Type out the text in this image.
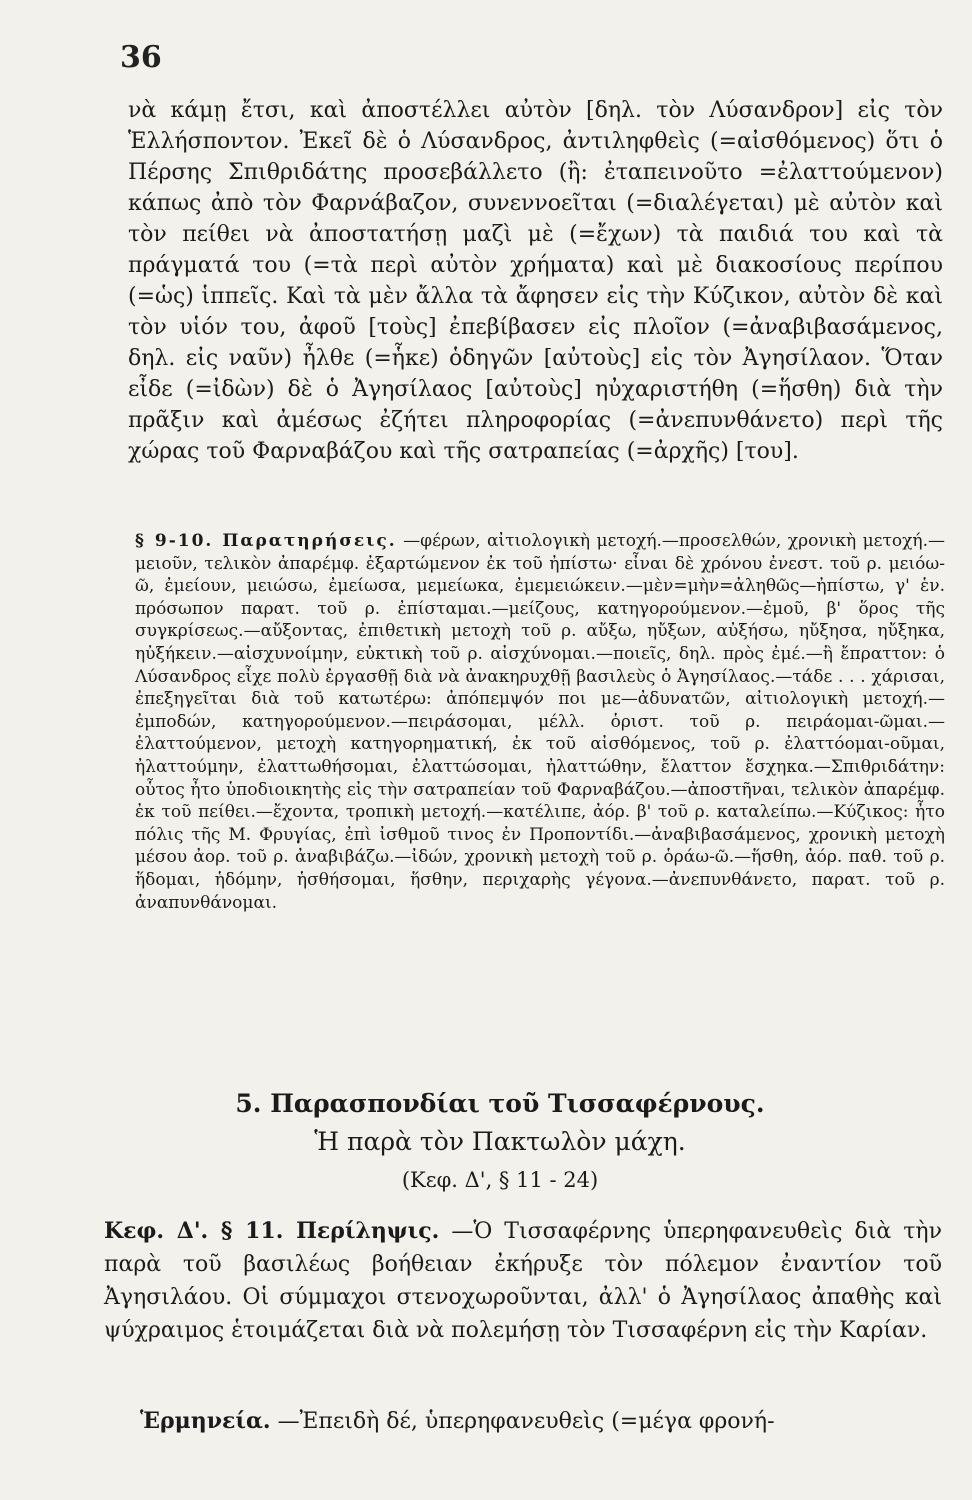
36

νὰ κάμῃ ἔτσι, καὶ ἀποστέλλει αὐτὸν [δηλ. τὸν Λύσανδρον] εἰς τὸν Ἑλλήσποντον. Ἐκεῖ δὲ ὁ Λύσανδρος, ἀντιληφθεὶς (=αἰσθόμενος) ὅτι ὁ Πέρσης Σπιθριδάτης προσεβάλλετο (ἢ: ἐταπεινοῦτο =ἐλαττούμενον) κάπως ἀπὸ τὸν Φαρνάβαζον, συνεννοεῖται (=διαλέγεται) μὲ αὐτὸν καὶ τὸν πείθει νὰ ἀποστατήσῃ μαζὶ μὲ (=ἔχων) τὰ παιδιά του καὶ τὰ πράγματά του (=τὰ περὶ αὐτὸν χρήματα) καὶ μὲ διακοσίους περίπου (=ὡς) ἱππεῖς. Καὶ τὰ μὲν ἄλλα τὰ ἄφησεν εἰς τὴν Κύζικον, αὐτὸν δὲ καὶ τὸν υἱόν του, ἀφοῦ [τοὺς] ἐπεβίβασεν εἰς πλοῖον (=ἀναβιβασάμενος, δηλ. εἰς ναῦν) ἦλθε (=ἧκε) ὁδηγῶν [αὐτοὺς] εἰς τὸν Ἀγησίλαον. Ὅταν εἶδε (=ἰδὼν) δὲ ὁ Ἀγησίλαος [αὐτοὺς] ηὐχαριστήθη (=ἥσθη) διὰ τὴν πρᾶξιν καὶ ἀμέσως ἐζήτει πληροφορίας (=ἀνεπυνθάνετο) περὶ τῆς χώρας τοῦ Φαρναβάζου καὶ τῆς σατραπείας (=ἀρχῆς) [του].

§ 9-10. Παρατηρήσεις. —φέρων, αἰτιολογικὴ μετοχή.—προσελθών, χρονικὴ μετοχή.—μειοῦν, τελικὸν ἀπαρέμφ. ἐξαρτώμενον ἐκ τοῦ ἠπίστω· εἶναι δὲ χρόνου ἐνεστ. τοῦ ρ. μειόω-ῶ, ἐμείουν, μειώσω, ἐμείωσα, μεμείωκα, ἐμεμειώκειν.—μὲν=μὴν=ἀληθῶς—ἠπίστω, γ' ἑν. πρόσωπον παρατ. τοῦ ρ. ἐπίσταμαι.—μείζους, κατηγορούμενον.—ἐμοῦ, β' ὅρος τῆς συγκρίσεως.—αὔξοντας, ἐπιθετικὴ μετοχὴ τοῦ ρ. αὔξω, ηὔξων, αὐξήσω, ηὔξησα, ηὔξηκα, ηὐξήκειν.—αἰσχυνοίμην, εὐκτικὴ τοῦ ρ. αἰσχύνομαι.—ποιεῖς, δηλ. πρὸς ἐμέ.—ἢ ἔπραττον: ὁ Λύσανδρος εἶχε πολὺ ἐργασθῇ διὰ νὰ ἀνακηρυχθῇ βασιλεὺς ὁ Ἀγησίλαος.—τάδε . . . χάρισαι, ἐπεξηγεῖται διὰ τοῦ κατωτέρω: ἀπόπεμψόν ποι με—ἀδυνατῶν, αἰτιολογικὴ μετοχή.—ἐμποδών, κατηγορούμενον.—πειράσομαι, μέλλ. ὁριστ. τοῦ ρ. πειράομαι-ῶμαι.—ἐλαττούμενον, μετοχὴ κατηγορηματική, ἐκ τοῦ αἰσθόμενος, τοῦ ρ. ἐλαττόομαι-οῦμαι, ἠλαττούμην, ἐλαττωθήσομαι, ἐλαττώσομαι, ἠλαττώθην, ἔλαττον ἔσχηκα.—Σπιθριδάτην: οὗτος ἦτο ὑποδιοικητὴς εἰς τὴν σατραπείαν τοῦ Φαρναβάζου.—ἀποστῆναι, τελικὸν ἀπαρέμφ. ἐκ τοῦ πείθει.—ἔχοντα, τροπικὴ μετοχή.—κατέλιπε, ἀόρ. β' τοῦ ρ. καταλείπω.—Κύζικος: ἦτο πόλις τῆς Μ. Φρυγίας, ἐπὶ ἰσθμοῦ τινος ἐν Προποντίδι.—ἀναβιβασάμενος, χρονικὴ μετοχὴ μέσου ἀορ. τοῦ ρ. ἀναβιβάζω.—ἰδών, χρονικὴ μετοχὴ τοῦ ρ. ὁράω-ῶ.—ἥσθη, ἀόρ. παθ. τοῦ ρ. ἥδομαι, ἡδόμην, ἡσθήσομαι, ἥσθην, περιχαρὴς γέγονα.—ἀνεπυνθάνετο, παρατ. τοῦ ρ. ἀναπυνθάνομαι.

5. Παρασπονδίαι τοῦ Τισσαφέρνους.
Ἡ παρὰ τὸν Πακτωλὸν μάχη.
(Κεφ. Δ', § 11 - 24)

Κεφ. Δ'. § 11. Περίληψις. —Ὁ Τισσαφέρνης ὑπερηφανευθεὶς διὰ τὴν παρὰ τοῦ βασιλέως βοήθειαν ἐκήρυξε τὸν πόλεμον ἐναντίον τοῦ Ἀγησιλάου. Οἱ σύμμαχοι στενοχωροῦνται, ἀλλ' ὁ Ἀγησίλαος ἀπαθὴς καὶ ψύχραιμος ἑτοιμάζεται διὰ νὰ πολεμήσῃ τὸν Τισσαφέρνη εἰς τὴν Καρίαν.

Ἑρμηνεία. —Ἐπειδὴ δέ, ὑπερηφανευθεὶς (=μέγα φρονή-
